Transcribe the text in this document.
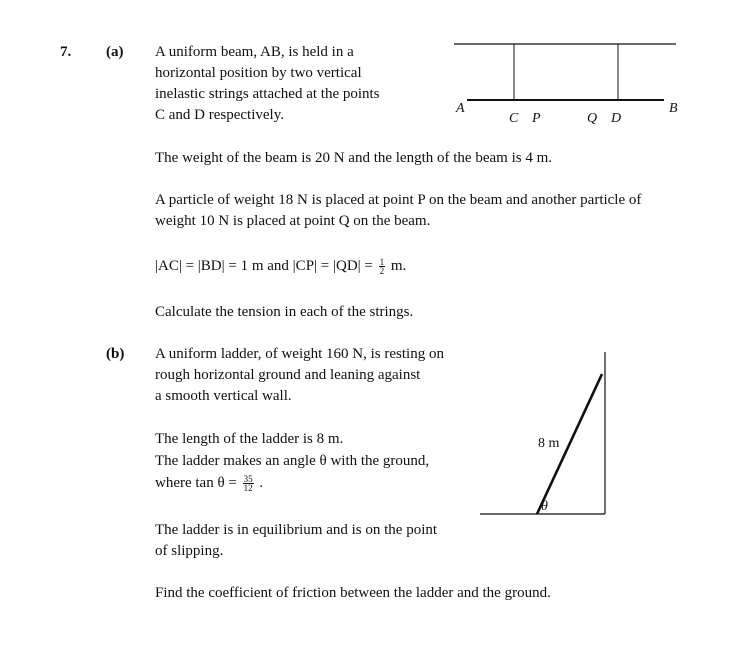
7. (a) A uniform beam, AB, is held in a
horizontal position by two vertical
inelastic strings attached at the points
C and D respectively.	A	B
C P	Q D
The weight of the beam is 20 N and the length of the beam is 4 m.
A particle of weight 18 N is placed at point P on the beam and another particle of
weight 10 N is placed at point Q on the beam.
|AC| = |BD| = 1 m and $|CP| = |QD| = \frac{1}{2} m$.
Calculate the tension in each of the strings.
(b) A uniform ladder, of weight 160 N, is resting on
rough horizontal ground and leaning against
a smooth vertical wall.
The length of the ladder is 8 m.
The ladder makes an angle θ with the ground,
where $\tan \theta = \frac{35}{12}$ .
8 m
θ
The ladder is in equilibrium and is on the point
of slipping.
Find the coefficient of friction between the ladder and the ground.
